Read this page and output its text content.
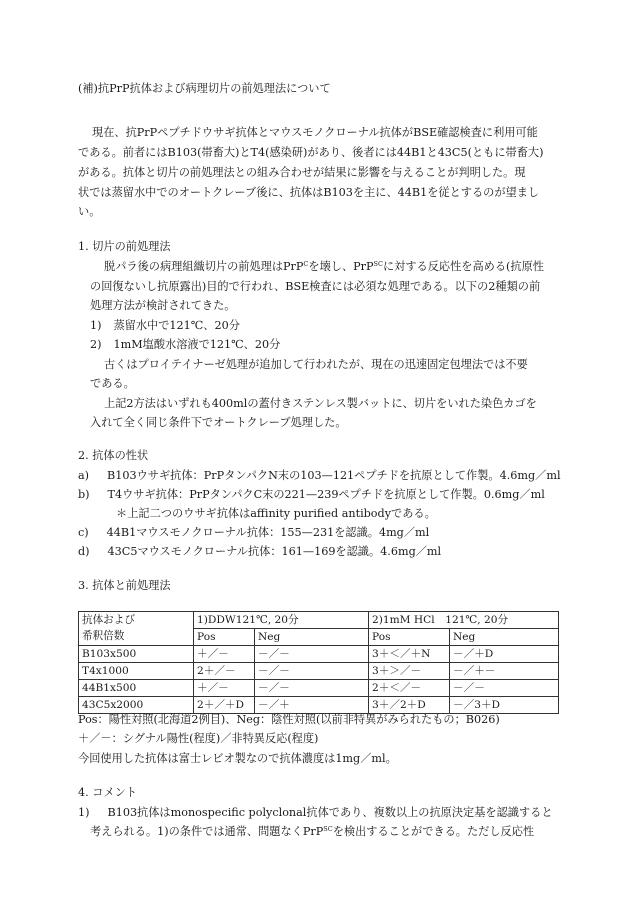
(補)抗PrP抗体および病理切片の前処理法について
現在、抗PrPペプチドウサギ抗体とマウスモノクローナル抗体がBSE確認検査に利用可能
である。前者にはB103(帯畜大)とT4(感染研)があり、後者には44B1と43C5(ともに帯畜大)
がある。抗体と切片の前処理法との組み合わせが結果に影響を与えることが判明した。現
状では蒸留水中でのオートクレーブ後に、抗体はB103を主に、44B1を従とするのが望まし
い。
1. 切片の前処理法
脱パラ後の病理組織切片の前処理はPrP$^C$を壊し、PrP$^{SC}$に対する反応性を高める(抗原性
の回復ないし抗原露出)目的で行われ、BSE検査には必須な処理である。以下の2種類の前
処理方法が検討されてきた。
1) 蒸留水中で121℃、20分
2) 1mM塩酸水溶液で121℃、20分
古くはプロイテイナーゼ処理が追加して行われたが、現在の迅速固定包埋法では不要
である。
上記2方法はいずれも400mlの蓋付きステンレス製バットに、切片をいれた染色カゴを
入れて全く同じ条件下でオートクレーブ処理した。
2. 抗体の性状
a) B103ウサギ抗体：PrPタンパクN末の103—121ペプチドを抗原として作製。4.6mg／ml
b) T4ウサギ抗体：PrPタンパクC末の221—239ペプチドを抗原として作製。0.6mg／ml
＊上記二つのウサギ抗体はaffinity purified antibodyである。
c) 44B1マウスモノクローナル抗体：155—231を認識。4mg／ml
d) 43C5マウスモノクローナル抗体：161—169を認識。4.6mg／ml
3. 抗体と前処理法
抗体および	1)DDW121℃, 20分		2)1mM HCl　121℃, 20分	
希釈倍数	Pos	Neg	Pos	Neg
B103x500	＋／－	－／－	3＋＜／＋N	－／＋D
T4x1000	2＋／－	－／－	3＋＞／－	－／＋－
44B1x500	＋／－	－／－	2＋＜／－	－／－
43C5x2000	2＋／＋D	－／＋	3＋／2＋D	－／3＋D
Pos：陽性対照(北海道2例目)、Neg：陰性対照(以前非特異がみられたもの；B026)
＋／－：シグナル陽性(程度)／非特異反応(程度)
今回使用した抗体は富士レビオ製なので抗体濃度は1mg／ml。
4. コメント
1) B103抗体はmonospecific polyclonal抗体であり、複数以上の抗原決定基を認識すると
考えられる。1)の条件では通常、問題なくPrP$^{SC}$を検出することができる。ただし反応性
